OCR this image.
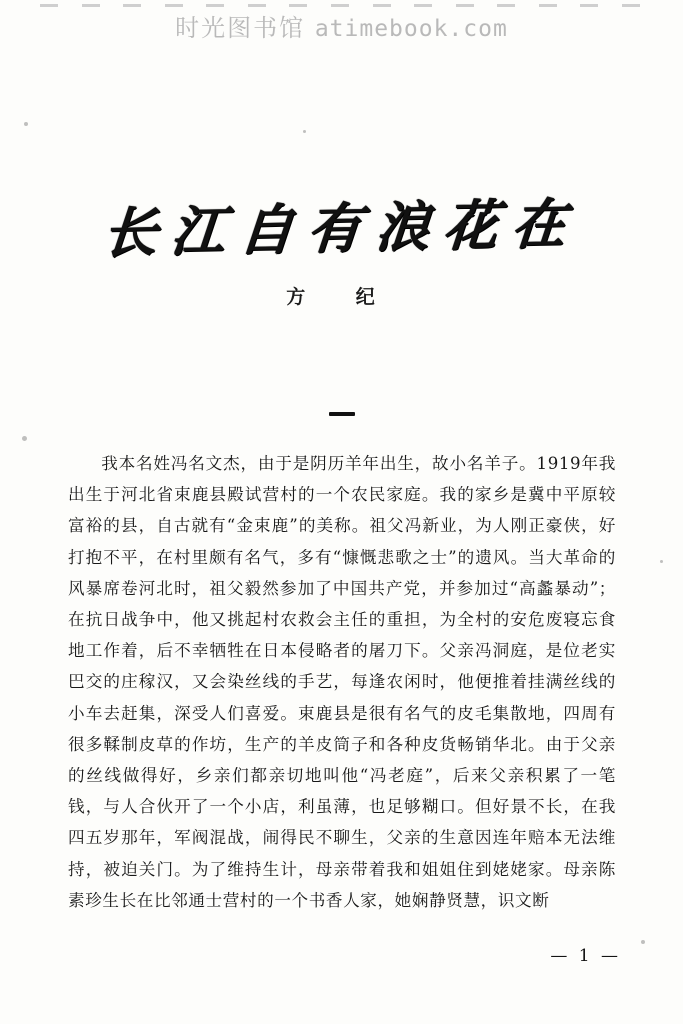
时光图书馆 atimebook.com
长江自有浪花在
方 纪

我本名姓冯名文杰，由于是阴历羊年出生，故小名羊子。1919年我出生于河北省束鹿县殿试营村的一个农民家庭。我的家乡是冀中平原较富裕的县，自古就有“金束鹿”的美称。祖父冯新业，为人刚正豪侠，好打抱不平，在村里颇有名气，多有“慷慨悲歌之士”的遗风。当大革命的风暴席卷河北时，祖父毅然参加了中国共产党，并参加过“高蠡暴动”；在抗日战争中，他又挑起村农救会主任的重担，为全村的安危废寝忘食地工作着，后不幸牺牲在日本侵略者的屠刀下。父亲冯洞庭，是位老实巴交的庄稼汉，又会染丝线的手艺，每逢农闲时，他便推着挂满丝线的小车去赶集，深受人们喜爱。束鹿县是很有名气的皮毛集散地，四周有很多鞣制皮草的作坊，生产的羊皮筒子和各种皮货畅销华北。由于父亲的丝线做得好，乡亲们都亲切地叫他“冯老庭”，后来父亲积累了一笔钱，与人合伙开了一个小店，利虽薄，也足够糊口。但好景不长，在我四五岁那年，军阀混战，闹得民不聊生，父亲的生意因连年赔本无法维持，被迫关门。为了维持生计，母亲带着我和姐姐住到姥姥家。母亲陈素珍生长在比邻通士营村的一个书香人家，她娴静贤慧，识文断

— 1 —
